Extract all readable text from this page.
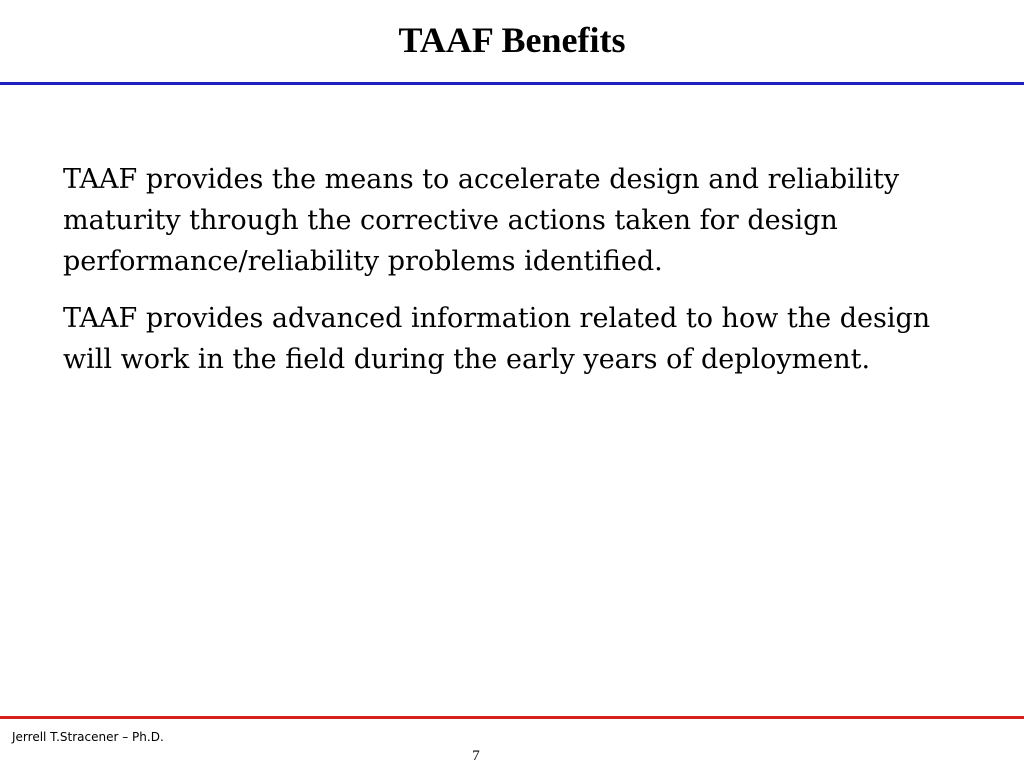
TAAF Benefits

TAAF provides the means to accelerate design and reliability maturity through the corrective actions taken for design performance/reliability problems identified.

TAAF provides advanced information related to how the design will work in the field during the early years of deployment.

Jerrell T.Stracener – Ph.D.
7
